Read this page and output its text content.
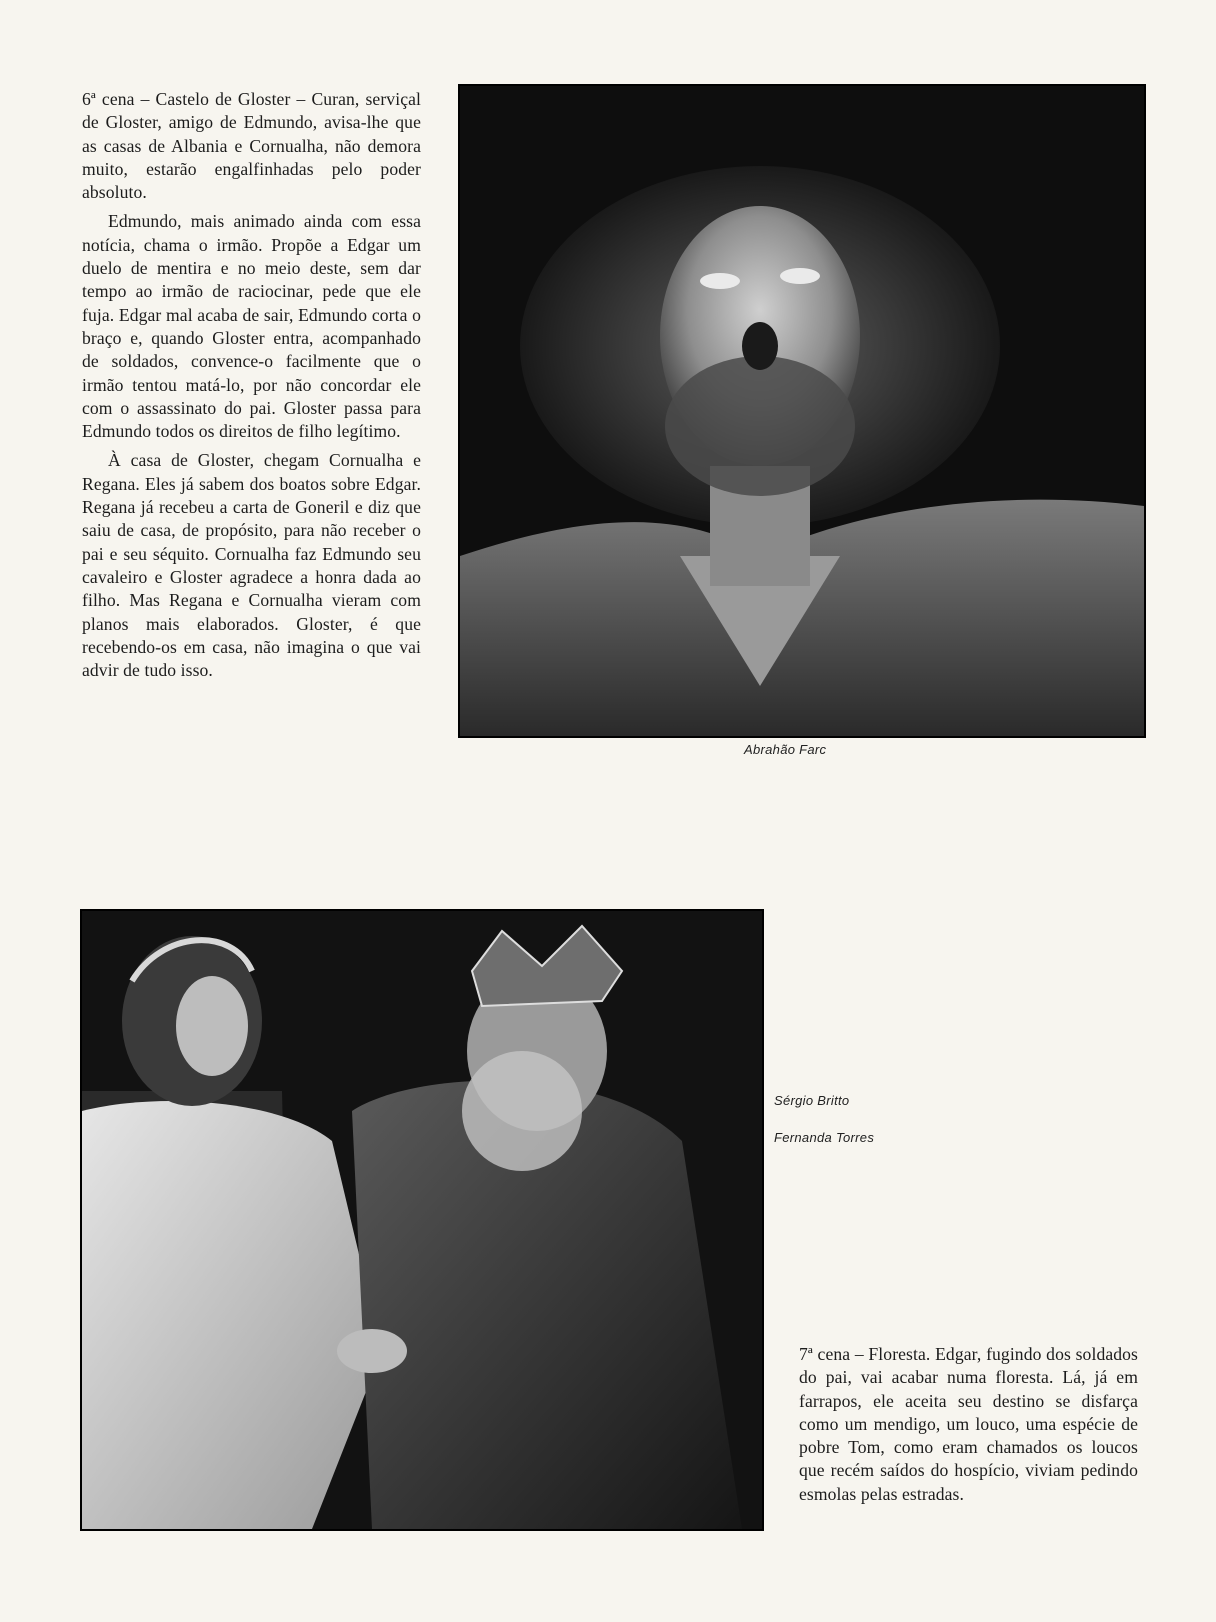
6ª cena – Castelo de Gloster – Curan, serviçal de Gloster, amigo de Edmundo, avisa-lhe que as casas de Albania e Cornualha, não demora muito, estarão engalfinhadas pelo poder absoluto.

Edmundo, mais animado ainda com essa notícia, chama o irmão. Propõe a Edgar um duelo de mentira e no meio deste, sem dar tempo ao irmão de raciocinar, pede que ele fuja. Edgar mal acaba de sair, Edmundo corta o braço e, quando Gloster entra, acompanhado de soldados, convence-o facilmente que o irmão tentou matá-lo, por não concordar ele com o assassinato do pai. Gloster passa para Edmundo todos os direitos de filho legítimo.

À casa de Gloster, chegam Cornualha e Regana. Eles já sabem dos boatos sobre Edgar. Regana já recebeu a carta de Goneril e diz que saiu de casa, de propósito, para não receber o pai e seu séquito. Cornualha faz Edmundo seu cavaleiro e Gloster agradece a honra dada ao filho. Mas Regana e Cornualha vieram com planos mais elaborados. Gloster, é que recebendo-os em casa, não imagina o que vai advir de tudo isso.

Abrahão Farc
Sérgio Britto
Fernanda Torres

7ª cena – Floresta. Edgar, fugindo dos soldados do pai, vai acabar numa floresta. Lá, já em farrapos, ele aceita seu destino se disfarça como um mendigo, um louco, uma espécie de pobre Tom, como eram chamados os loucos que recém saídos do hospício, viviam pedindo esmolas pelas estradas.
